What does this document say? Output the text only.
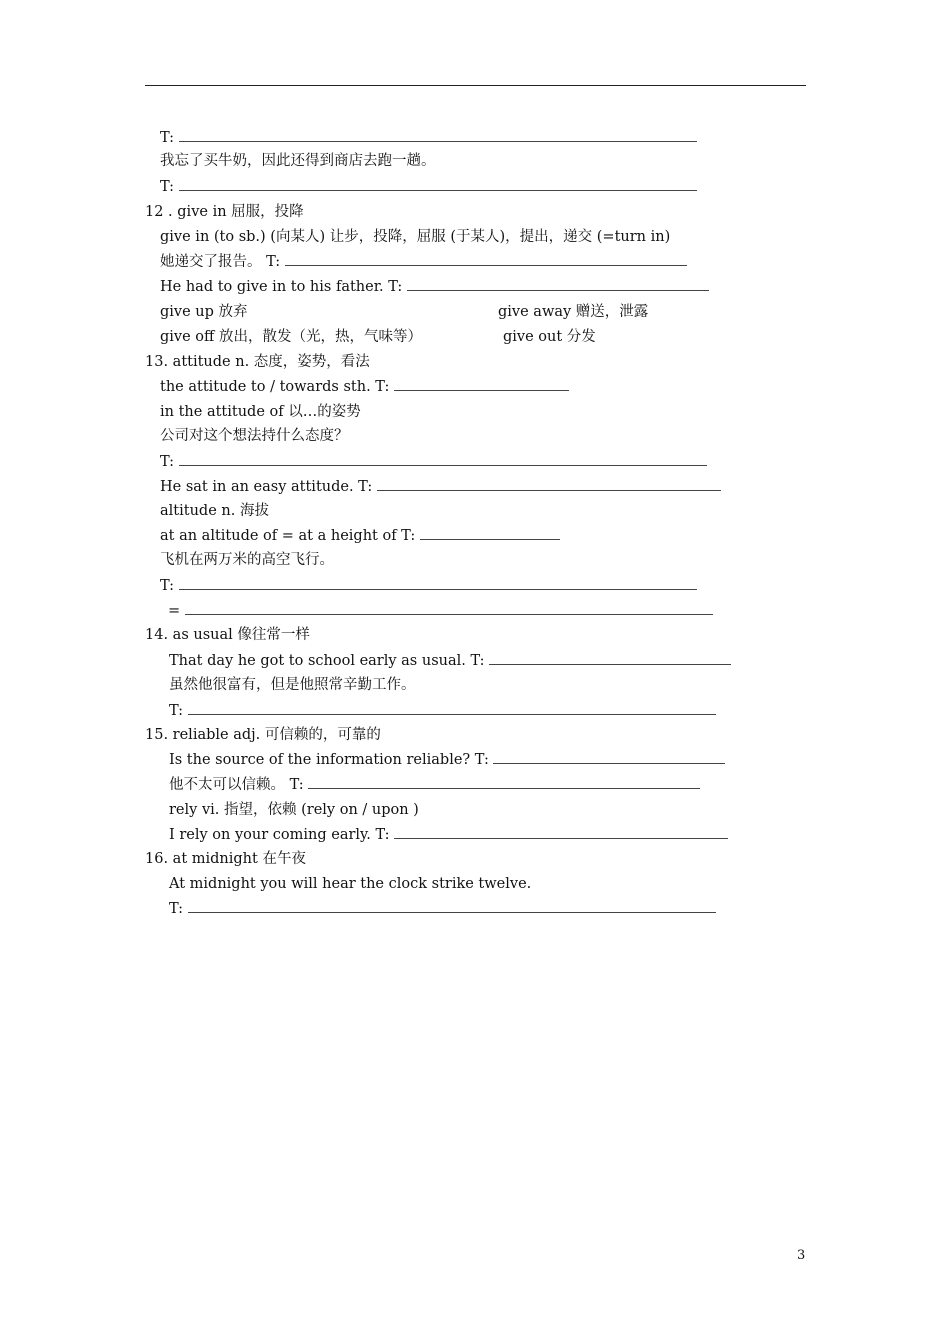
T:
我忘了买牛奶，因此还得到商店去跑一趟。
T:
12 . give in 屈服，投降
give in (to sb.) (向某人) 让步，投降，屈服 (于某人)，提出，递交 (=turn in)
她递交了报告。 T:
He had to give in to his father. T:
give up 放弃	give away 赠送，泄露
give off 放出，散发（光，热，气味等）	give out 分发
13. attitude n. 态度，姿势，看法
the attitude to / towards sth. T:
in the attitude of 以…的姿势
公司对这个想法持什么态度？
T:
He sat in an easy attitude. T:
altitude n. 海拔
at an altitude of = at a height of T:
飞机在两万米的高空飞行。
T:
=
14. as usual 像往常一样
That day he got to school early as usual. T:
虽然他很富有，但是他照常辛勤工作。
T:
15. reliable adj. 可信赖的，可靠的
Is the source of the information reliable? T:
他不太可以信赖。 T:
rely vi. 指望，依赖 (rely on / upon )
I rely on your coming early. T:
16. at midnight 在午夜
At midnight you will hear the clock strike twelve.
T:
3
